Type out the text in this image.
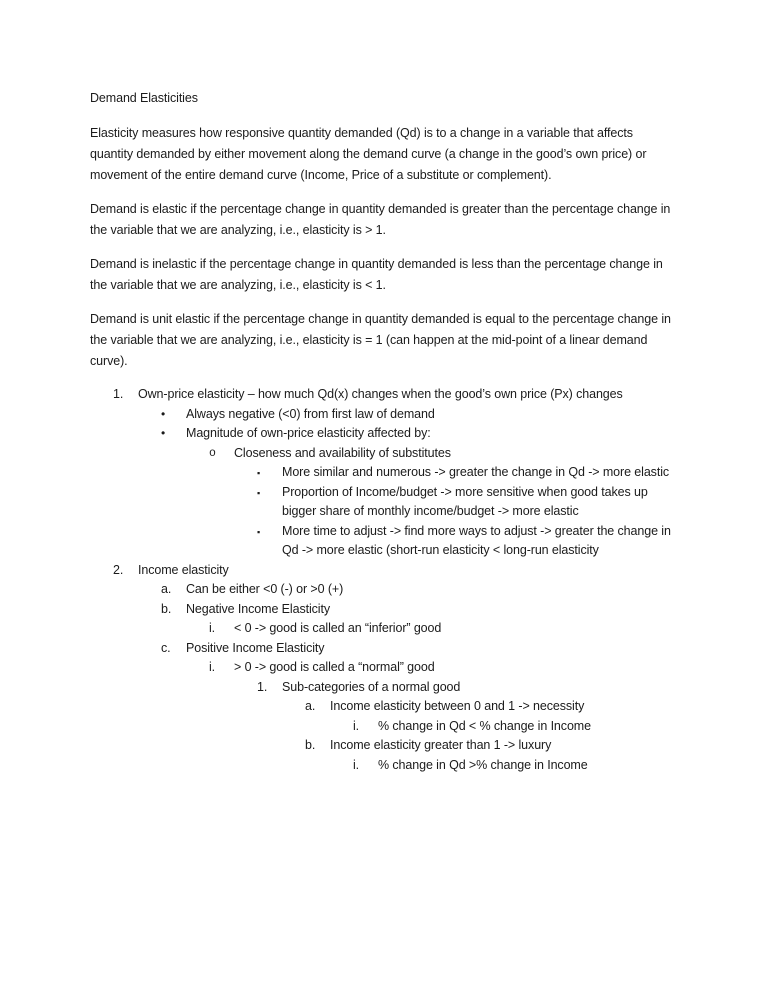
Demand Elasticities

Elasticity measures how responsive quantity demanded (Qd) is to a change in a variable that affects quantity demanded by either movement along the demand curve (a change in the good’s own price) or movement of the entire demand curve (Income, Price of a substitute or complement).

Demand is elastic if the percentage change in quantity demanded is greater than the percentage change in the variable that we are analyzing, i.e., elasticity is > 1.

Demand is inelastic if the percentage change in quantity demanded is less than the percentage change in the variable that we are analyzing, i.e., elasticity is < 1.

Demand is unit elastic if the percentage change in quantity demanded is equal to the percentage change in the variable that we are analyzing, i.e., elasticity is = 1 (can happen at the mid-point of a linear demand curve).

1. Own-price elasticity – how much Qd(x) changes when the good’s own price (Px) changes
• Always negative (<0) from first law of demand
• Magnitude of own-price elasticity affected by:
o Closeness and availability of substitutes
▪ More similar and numerous -> greater the change in Qd -> more elastic
▪ Proportion of Income/budget -> more sensitive when good takes up bigger share of monthly income/budget -> more elastic
▪ More time to adjust -> find more ways to adjust -> greater the change in Qd -> more elastic (short-run elasticity < long-run elasticity
2. Income elasticity
a. Can be either <0 (-) or >0 (+)
b. Negative Income Elasticity
i. < 0 -> good is called an “inferior” good
c. Positive Income Elasticity
i. > 0 -> good is called a “normal” good
1. Sub-categories of a normal good
a. Income elasticity between 0 and 1 -> necessity
i. % change in Qd < % change in Income
b. Income elasticity greater than 1 -> luxury
i. % change in Qd >% change in Income
